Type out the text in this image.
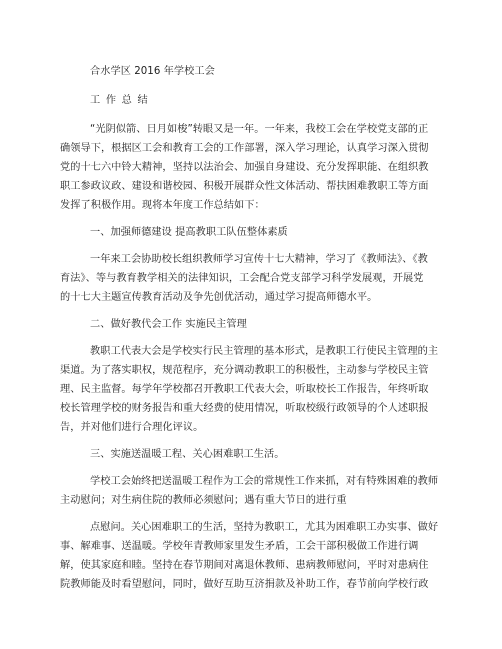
合水学区 2016 年学校工会
工 作 总 结
“光阴似箭、日月如梭”转眼又是一年。一年来，我校工会在学校党支部的正
确领导下，根据区工会和教育工会的工作部署，深入学习理论，认真学习深入贯彻
党的十七六中铃大精神，坚持以法治会、加强自身建设、充分发挥职能、在组织教
职工参政议政、建设和谐校园、积极开展群众性文体活动、帮扶困难教职工等方面
发挥了积极作用。现将本年度工作总结如下：
一、加强师德建设 提高教职工队伍整体素质
一年来工会协助校长组织教师学习宣传十七大精神，学习了《教师法》、《教
育法》、等与教育教学相关的法律知识，工会配合党支部学习科学发展观，开展党
的十七大主题宣传教育活动及争先创优活动，通过学习提高师德水平。
二、做好教代会工作 实施民主管理
教职工代表大会是学校实行民主管理的基本形式，是教职工行使民主管理的主
渠道。为了落实职权，规范程序，充分调动教职工的积极性，主动参与学校民主管
理、民主监督。每学年学校都召开教职工代表大会，听取校长工作报告，年终听取
校长管理学校的财务报告和重大经费的使用情况，听取校级行政领导的个人述职报
告，并对他们进行合理化评议。
三、实施送温暖工程、关心困难职工生活。
学校工会始终把送温暖工程作为工会的常规性工作来抓，对有特殊困难的教师
主动慰问；对生病住院的教师必须慰问；遇有重大节日的进行重
点慰问。关心困难职工的生活，坚持为教职工，尤其为困难职工办实事、做好
事、解难事、送温暖。学校年青教师家里发生矛盾，工会干部积极做工作进行调
解，使其家庭和睦。坚持在春节期间对离退休教师、患病教师慰问，平时对患病住
院教师能及时看望慰问，同时，做好互助互济捐款及补助工作，春节前向学校行政
